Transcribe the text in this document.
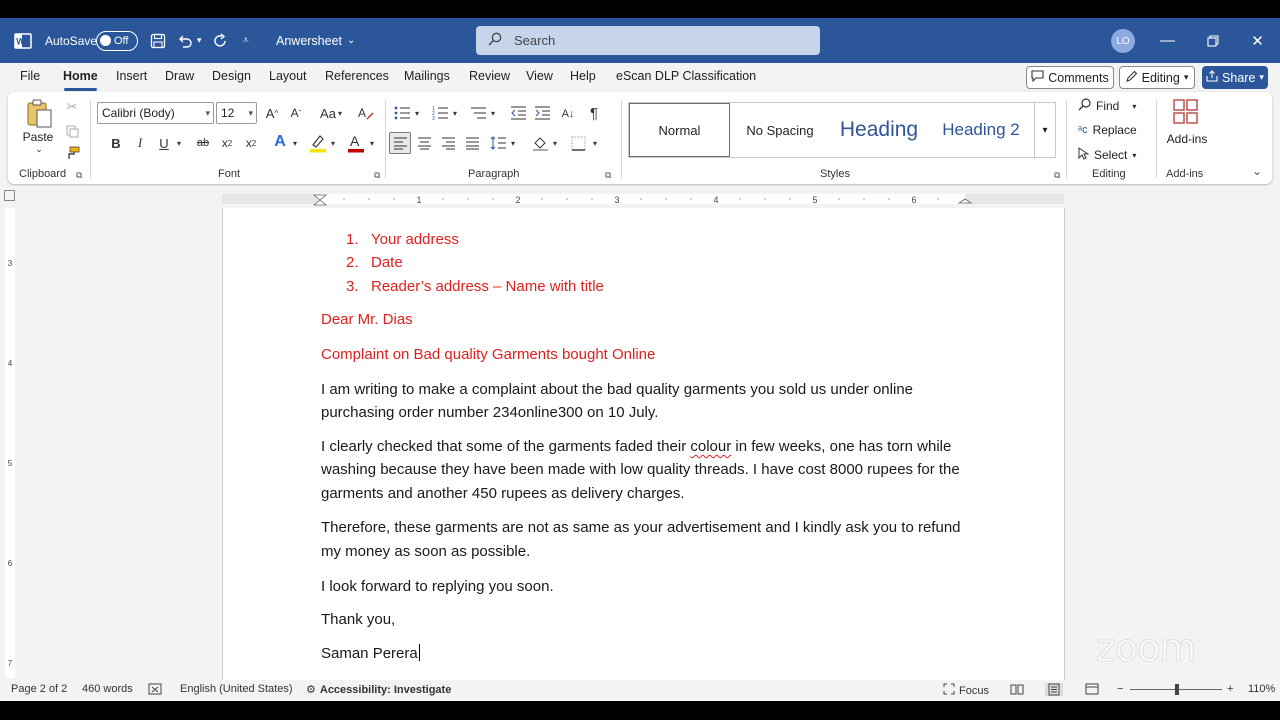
W AutoSave Off	▾	⩡ Anwersheet ⌄	Search	LO	—	✕
File Home Insert Draw Design Layout References Mailings Review View Help eScan DLP Classification	Comments	Editing ▾	Share ▾
Paste
⌄
✂
Clipboard ⧉
Calibri (Body)	▾ 12 ▾ A ^	A ˇ	Aa ▾ A
B	I	U	▾ ab	x 2	x 2 A ▾	▾ A	▾
Font	⧉
▾	1
2
3
▾	▾	A↓	¶
▾	▾	▾
Paragraph	⧉
Normal	No Spacing	Heading	Heading 2	▾
Styles	⧉
Find ▾
ᵃc Replace
Select ▾
Editing
Add-ins
Add-ins	⌄
1	2	3	4	5	6
3
4
5
6
7
1. Your address
2. Date
3. Reader’s address – Name with title
Dear Mr. Dias
Complaint on Bad quality Garments bought Online
I am writing to make a complaint about the bad quality garments you sold us under online
purchasing order number 234online300 on 10 July.
I clearly checked that some of the garments faded their colour in few weeks, one has torn while
washing because they have been made with low quality threads. I have cost 8000 rupees for the
garments and another 450 rupees as delivery charges.
Therefore, these garments are not as same as your advertisement and I kindly ask you to refund
my money as soon as possible.
I look forward to replying you soon.
Thank you,
Saman Perera
Page 2 of 2 460 words	English (United States) ⚙ Accessibility: Investigate	Focus	−	+ 110%
zoom
